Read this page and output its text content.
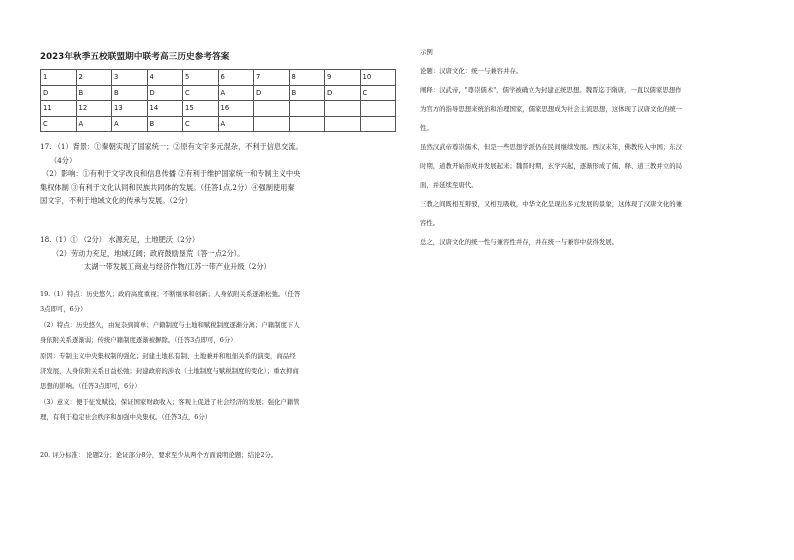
2023年秋季五校联盟期中联考高三历史参考答案
1	2	3	4	5	6	7	8	9	10
D	B	B	D	C	A	D	B	D	C
11	12	13	14	15	16				
C	A	A	B	C	A				
17. （1）背景：①秦朝实现了国家统一；②原有文字多元混杂，不利于信息交流。
（4分）
（2）影响：①有利于文字改良和信息传播 ②有利于维护国家统一和专制主义中央
集权体制 ③有利于文化认同和民族共同体的发展。（任答1点,2分）④强制使用秦
国文字，不利于地域文化的传承与发展。（2分）
18.（1）① （2分） 水源充足，土地肥沃（2分）
（2）劳动力充足，地域辽阔；政府鼓励垦荒（答一点2分）。
太湖一带发展工商业与经济作物/江苏一带产业升级（2分）
19.（1）特点：历史悠久；政府高度重视；不断继承和创新；人身依附关系逐渐松弛。（任答
3点即可，6分）
（2）特点：历史悠久，由复杂到简单；户籍制度与土地和赋税制度逐渐分离；户籍制度下人
身依附关系逐渐弱；传统户籍制度逐渐被摒除。（任答3点即可，6分）
原因：专制主义中央集权制的强化；封建土地私有制、土地兼并和租佃关系的演变，商品经
济发展，人身依附关系日益松弛；封建政府的涉农（土地制度与赋税制度的变化）；重农抑商
思想的影响。（任答3点即可，6分）
（3）意义：便于征发赋役，保证国家财政收入；客观上促进了社会经济的发展；强化户籍管
理，有利于稳定社会秩序和加强中央集权。（任答3点，6分）
20. 评分标准： 论题2分；论证部分8分，要求至少从两个方面说明论题；结论2分。
示例
论题：汉唐文化：统一与兼容并存。
阐释：汉武帝，"尊崇儒术"，儒学被确立为封建正统思想。魏晋迄于隋唐，一直以儒家思想作
为官方的指导思想来统治和治理国家，儒家思想成为社会主流思想，这体现了汉唐文化的统一
性。
虽然汉武帝尊崇儒术，但是一些思想学派仍在民间继续发展。西汉末年，佛教传入中国；东汉
时期，道教开始形成并发展起来；魏晋时期，玄学兴起，逐渐形成了儒、释、道三教并立的局
面，并延续至唐代。
三教之间既相互辩驳，又相互吸收，中华文化呈现出多元发展的景象，这体现了汉唐文化的兼
容性。
总之，汉唐文化的统一性与兼容性并存，并在统一与兼容中获得发展。
